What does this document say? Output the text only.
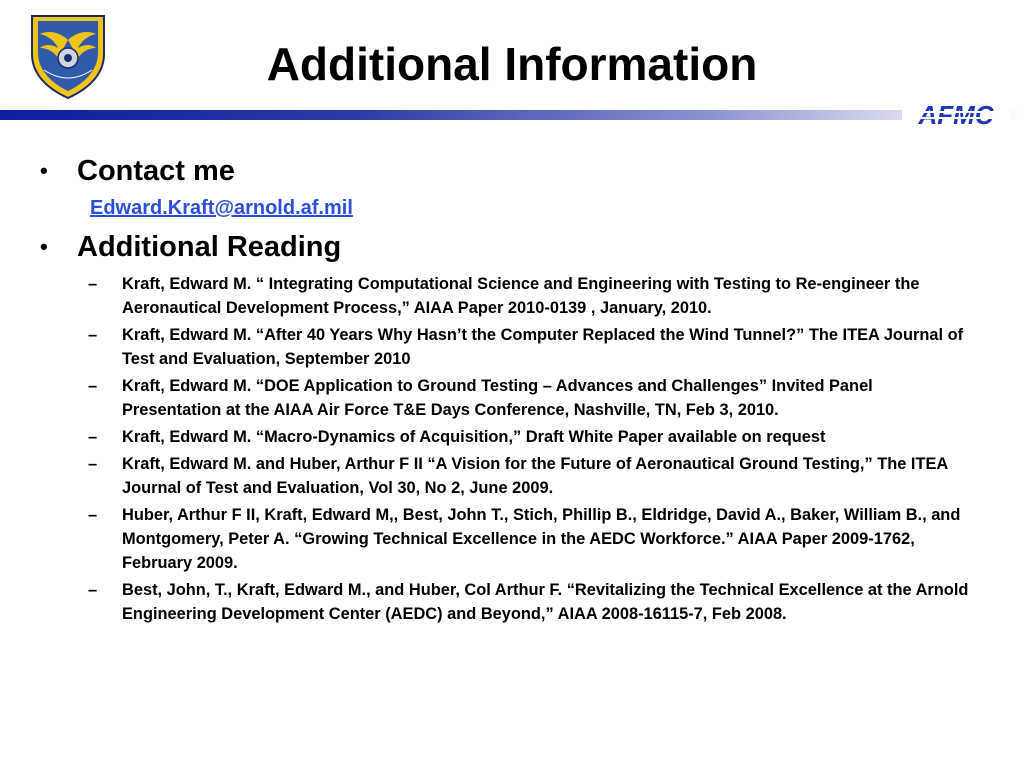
Additional Information
AFMC
• Contact me
Edward.Kraft@arnold.af.mil
• Additional Reading
– Kraft, Edward M. “ Integrating Computational Science and Engineering with Testing to Re-engineer the Aeronautical Development Process,” AIAA Paper 2010-0139 , January, 2010.
– Kraft, Edward M. “After 40 Years Why Hasn’t the Computer Replaced the Wind Tunnel?” The ITEA Journal of Test and Evaluation, September 2010
– Kraft, Edward M. “DOE Application to Ground Testing – Advances and Challenges” Invited Panel Presentation at the AIAA Air Force T&E Days Conference, Nashville, TN, Feb 3, 2010.
– Kraft, Edward M. “Macro-Dynamics of Acquisition,” Draft White Paper available on request
– Kraft, Edward M. and Huber, Arthur F II “A Vision for the Future of Aeronautical Ground Testing,” The ITEA Journal of Test and Evaluation, Vol 30, No 2, June 2009.
– Huber, Arthur F II, Kraft, Edward M,, Best, John T., Stich, Phillip B., Eldridge, David A., Baker, William B., and Montgomery, Peter A. “Growing Technical Excellence in the AEDC Workforce.” AIAA Paper 2009-1762, February 2009.
– Best, John, T., Kraft, Edward M., and Huber, Col Arthur F. “Revitalizing the Technical Excellence at the Arnold Engineering Development Center (AEDC) and Beyond,” AIAA 2008-16115-7, Feb 2008.
